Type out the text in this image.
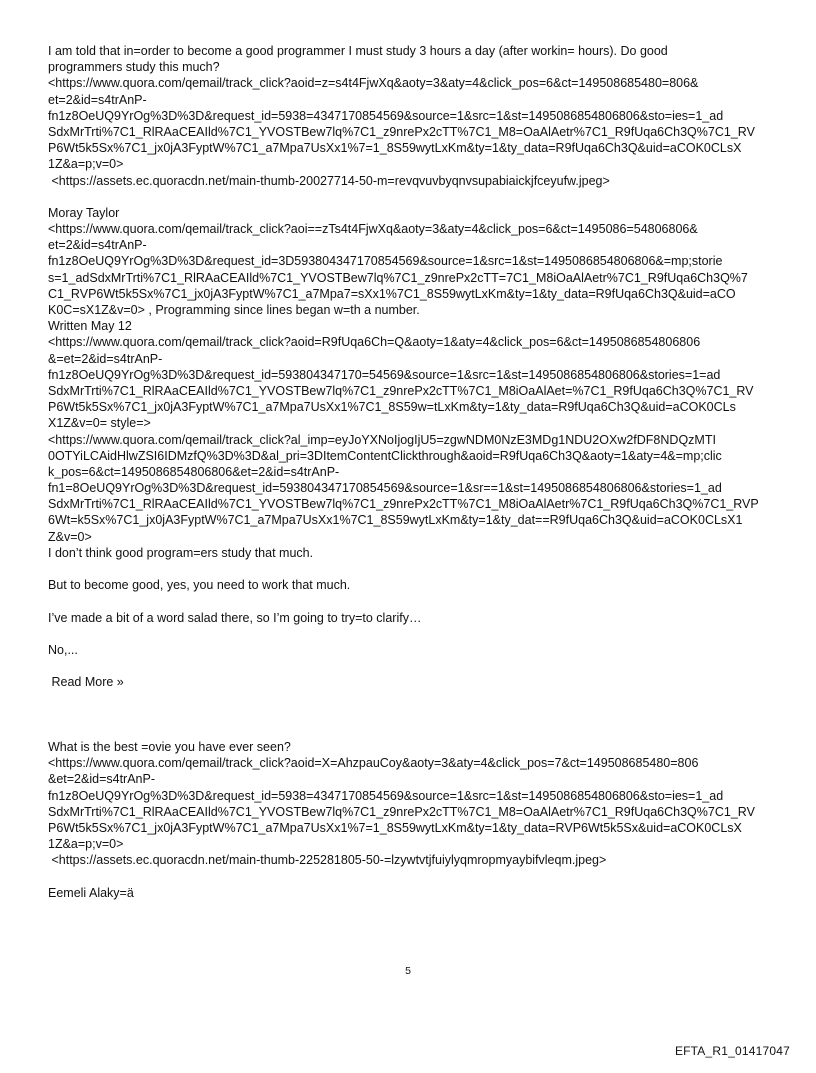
I am told that in=order to become a good programmer I must study 3 hours a day (after workin= hours). Do good
programmers study this much?
<https://www.quora.com/qemail/track_click?aoid=z=s4t4FjwXq&aoty=3&aty=4&click_pos=6&ct=149508685480=806&
et=2&id=s4trAnP-
fn1z8OeUQ9YrOg%3D%3D&request_id=5938=4347170854569&source=1&src=1&st=1495086854806806&sto=ies=1_ad
SdxMrTrti%7C1_RlRAaCEAIld%7C1_YVOSTBew7lq%7C1_z9nrePx2cTT%7C1_M8=OaAlAetr%7C1_R9fUqa6Ch3Q%7C1_RV
P6Wt5k5Sx%7C1_jx0jA3FyptW%7C1_a7Mpa7UsXx1%7=1_8S59wytLxKm&ty=1&ty_data=R9fUqa6Ch3Q&uid=aCOK0CLsX
1Z&a=p;v=0>
<https://assets.ec.quoracdn.net/main-thumb-20027714-50-m=revqvuvbyqnvsupabiaickjfceyufw.jpeg>
Moray Taylor
<https://www.quora.com/qemail/track_click?aoi==zTs4t4FjwXq&aoty=3&aty=4&click_pos=6&ct=1495086=54806806&
et=2&id=s4trAnP-
fn1z8OeUQ9YrOg%3D%3D&request_id=3D593804347170854569&source=1&src=1&st=1495086854806806&=mp;storie
s=1_adSdxMrTrti%7C1_RlRAaCEAIld%7C1_YVOSTBew7lq%7C1_z9nrePx2cTT=7C1_M8iOaAlAetr%7C1_R9fUqa6Ch3Q%7
C1_RVP6Wt5k5Sx%7C1_jx0jA3FyptW%7C1_a7Mpa7=sXx1%7C1_8S59wytLxKm&ty=1&ty_data=R9fUqa6Ch3Q&uid=aCO
K0C=sX1Z&v=0> , Programming since lines began w=th a number.
Written May 12
<https://www.quora.com/qemail/track_click?aoid=R9fUqa6Ch=Q&aoty=1&aty=4&click_pos=6&ct=1495086854806806
&=et=2&id=s4trAnP-
fn1z8OeUQ9YrOg%3D%3D&request_id=593804347170=54569&source=1&src=1&st=1495086854806806&stories=1=ad
SdxMrTrti%7C1_RlRAaCEAIld%7C1_YVOSTBew7lq%7C1_z9nrePx2cTT%7C1_M8iOaAlAet=%7C1_R9fUqa6Ch3Q%7C1_RV
P6Wt5k5Sx%7C1_jx0jA3FyptW%7C1_a7Mpa7UsXx1%7C1_8S59w=tLxKm&ty=1&ty_data=R9fUqa6Ch3Q&uid=aCOK0CLs
X1Z&v=0= style=>
<https://www.quora.com/qemail/track_click?al_imp=eyJoYXNoIjogIjU5=zgwNDM0NzE3MDg1NDU2OXw2fDF8NDQzMTI
0OTYiLCAidHlwZSI6IDMzfQ%3D%3D&al_pri=3DItemContentClickthrough&aoid=R9fUqa6Ch3Q&aoty=1&aty=4&=mp;clic
k_pos=6&ct=1495086854806806&et=2&id=s4trAnP-
fn1=8OeUQ9YrOg%3D%3D&request_id=593804347170854569&source=1&sr==1&st=1495086854806806&stories=1_ad
SdxMrTrti%7C1_RlRAaCEAIld%7C1_YVOSTBew7lq%7C1_z9nrePx2cTT%7C1_M8iOaAlAetr%7C1_R9fUqa6Ch3Q%7C1_RVP
6Wt=k5Sx%7C1_jx0jA3FyptW%7C1_a7Mpa7UsXx1%7C1_8S59wytLxKm&ty=1&ty_dat==R9fUqa6Ch3Q&uid=aCOK0CLsX1
Z&v=0>
I don’t think good program=ers study that much.
But to become good, yes, you need to work that much.
I’ve made a bit of a word salad there, so I’m going to try=to clarify…
No,...
Read More »
What is the best =ovie you have ever seen?
<https://www.quora.com/qemail/track_click?aoid=X=AhzpauCoy&aoty=3&aty=4&click_pos=7&ct=149508685480=806
&et=2&id=s4trAnP-
fn1z8OeUQ9YrOg%3D%3D&request_id=5938=4347170854569&source=1&src=1&st=1495086854806806&sto=ies=1_ad
SdxMrTrti%7C1_RlRAaCEAIld%7C1_YVOSTBew7lq%7C1_z9nrePx2cTT%7C1_M8=OaAlAetr%7C1_R9fUqa6Ch3Q%7C1_RV
P6Wt5k5Sx%7C1_jx0jA3FyptW%7C1_a7Mpa7UsXx1%7=1_8S59wytLxKm&ty=1&ty_data=RVP6Wt5k5Sx&uid=aCOK0CLsX
1Z&a=p;v=0>
<https://assets.ec.quoracdn.net/main-thumb-225281805-50-=lzywtvtjfuiylyqmropmyaybifvleqm.jpeg>
Eemeli Alaky=ä
5
EFTA_R1_01417047
